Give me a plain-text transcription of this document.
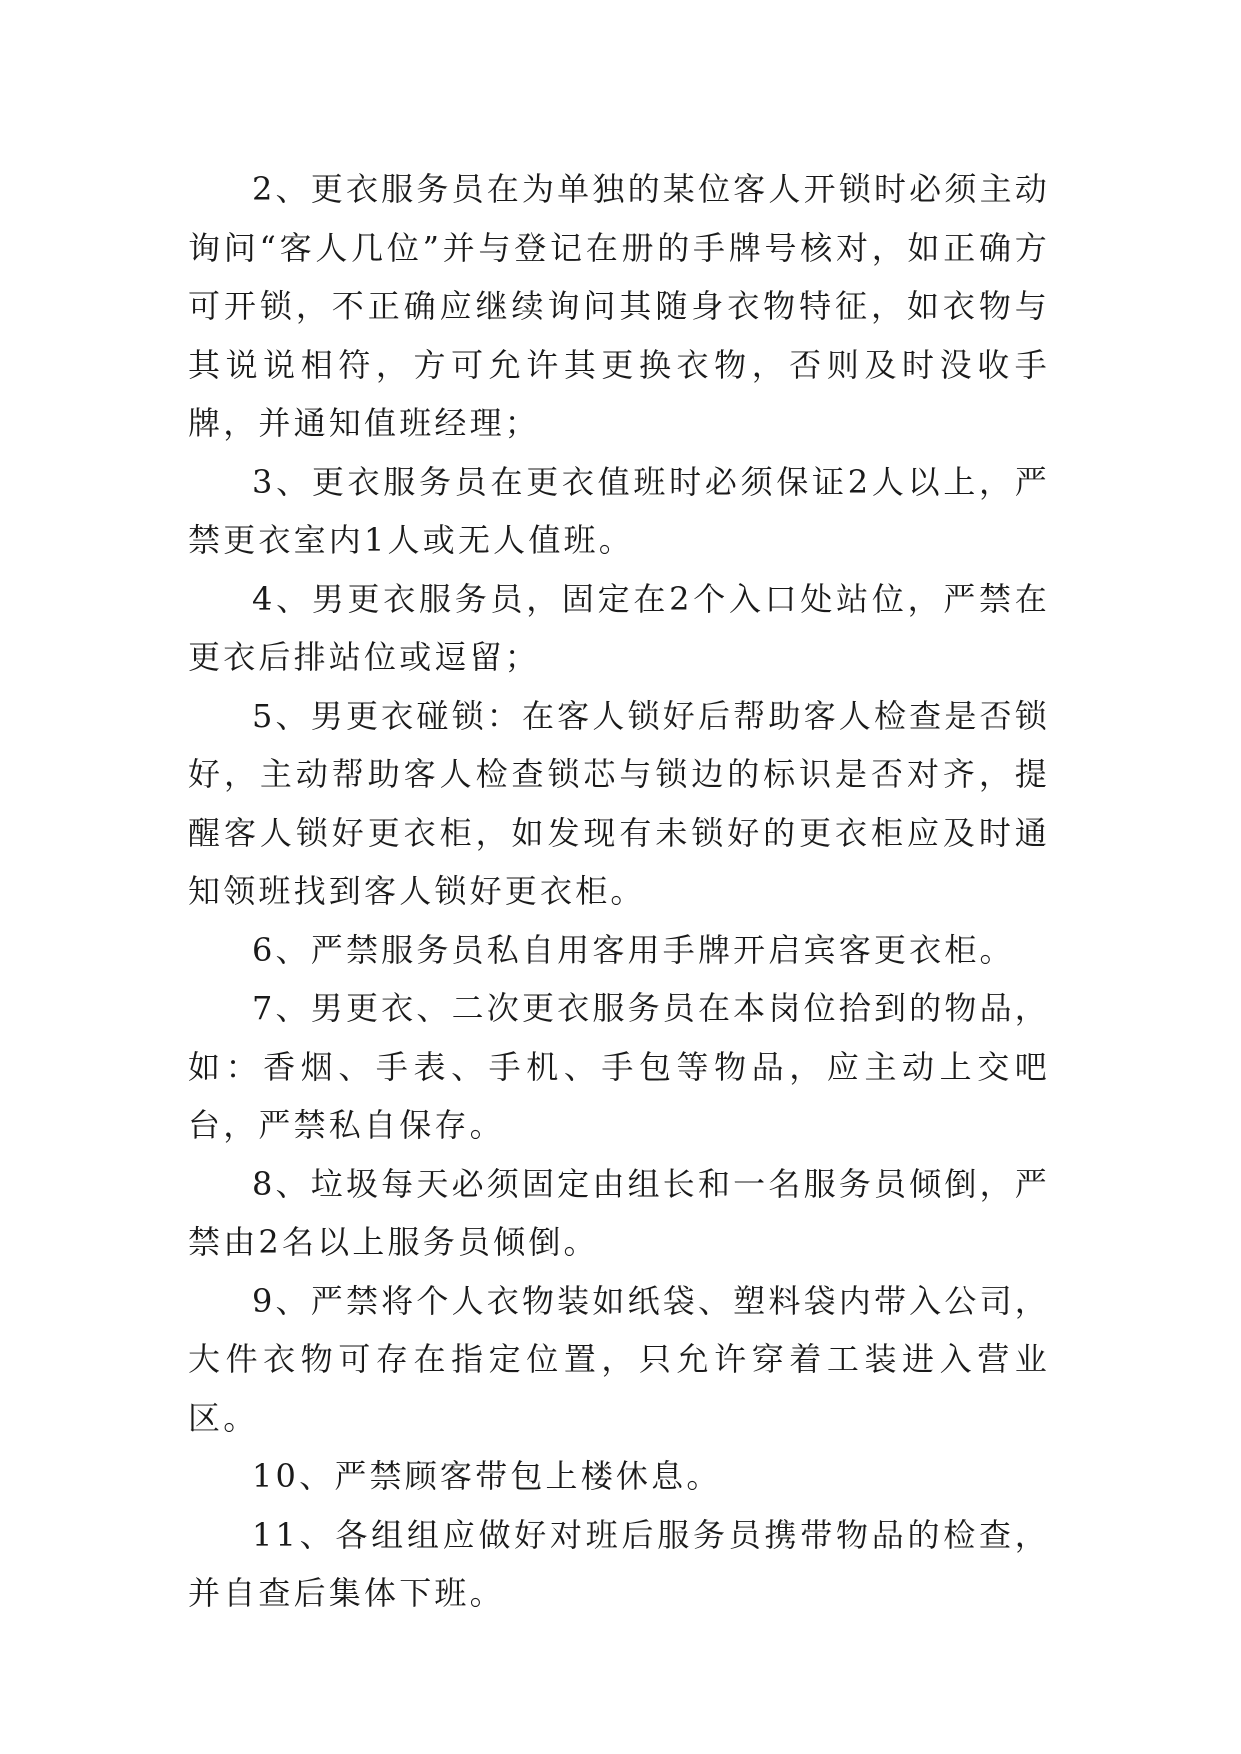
2、更衣服务员在为单独的某位客人开锁时必须主动询问“客人几位”并与登记在册的手牌号核对，如正确方可开锁，不正确应继续询问其随身衣物特征，如衣物与其说说相符，方可允许其更换衣物，否则及时没收手牌，并通知值班经理；

3、更衣服务员在更衣值班时必须保证2人以上，严禁更衣室内1人或无人值班。

4、男更衣服务员，固定在2个入口处站位，严禁在更衣后排站位或逗留；

5、男更衣碰锁：在客人锁好后帮助客人检查是否锁好，主动帮助客人检查锁芯与锁边的标识是否对齐，提醒客人锁好更衣柜，如发现有未锁好的更衣柜应及时通知领班找到客人锁好更衣柜。

6、严禁服务员私自用客用手牌开启宾客更衣柜。

7、男更衣、二次更衣服务员在本岗位拾到的物品，如：香烟、手表、手机、手包等物品，应主动上交吧台，严禁私自保存。

8、垃圾每天必须固定由组长和一名服务员倾倒，严禁由2名以上服务员倾倒。

9、严禁将个人衣物装如纸袋、塑料袋内带入公司，大件衣物可存在指定位置，只允许穿着工装进入营业区。

10、严禁顾客带包上楼休息。

11、各组组应做好对班后服务员携带物品的检查，并自查后集体下班。
